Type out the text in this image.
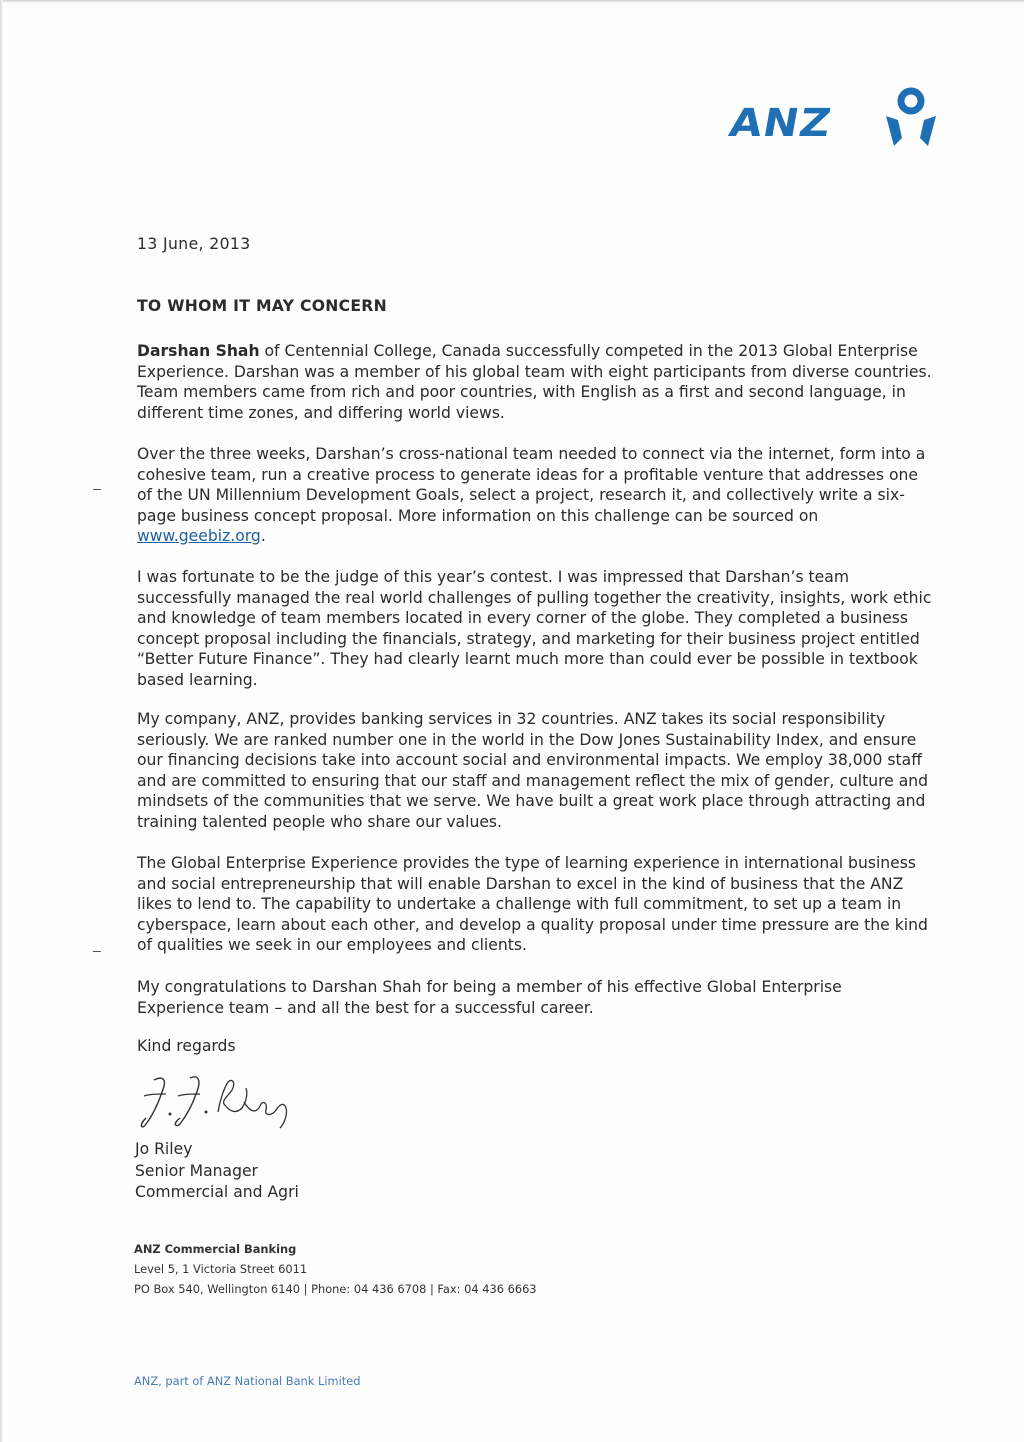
ANZ
13 June, 2013
TO WHOM IT MAY CONCERN

Darshan Shah of Centennial College, Canada successfully competed in the 2013 Global Enterprise Experience. Darshan was a member of his global team with eight participants from diverse countries. Team members came from rich and poor countries, with English as a first and second language, in different time zones, and differing world views.

Over the three weeks, Darshan’s cross-national team needed to connect via the internet, form into a cohesive team, run a creative process to generate ideas for a profitable venture that addresses one of the UN Millennium Development Goals, select a project, research it, and collectively write a six-page business concept proposal. More information on this challenge can be sourced on www.geebiz.org.

I was fortunate to be the judge of this year’s contest. I was impressed that Darshan’s team successfully managed the real world challenges of pulling together the creativity, insights, work ethic and knowledge of team members located in every corner of the globe. They completed a business concept proposal including the financials, strategy, and marketing for their business project entitled “Better Future Finance”. They had clearly learnt much more than could ever be possible in textbook based learning.

My company, ANZ, provides banking services in 32 countries. ANZ takes its social responsibility seriously. We are ranked number one in the world in the Dow Jones Sustainability Index, and ensure our financing decisions take into account social and environmental impacts. We employ 38,000 staff and are committed to ensuring that our staff and management reflect the mix of gender, culture and mindsets of the communities that we serve. We have built a great work place through attracting and training talented people who share our values.

The Global Enterprise Experience provides the type of learning experience in international business and social entrepreneurship that will enable Darshan to excel in the kind of business that the ANZ likes to lend to. The capability to undertake a challenge with full commitment, to set up a team in cyberspace, learn about each other, and develop a quality proposal under time pressure are the kind of qualities we seek in our employees and clients.

My congratulations to Darshan Shah for being a member of his effective Global Enterprise Experience team – and all the best for a successful career.

Kind regards
Jo Riley
Senior Manager
Commercial and Agri
ANZ Commercial Banking
Level 5, 1 Victoria Street 6011
PO Box 540, Wellington 6140 | Phone: 04 436 6708 | Fax: 04 436 6663
ANZ, part of ANZ National Bank Limited
